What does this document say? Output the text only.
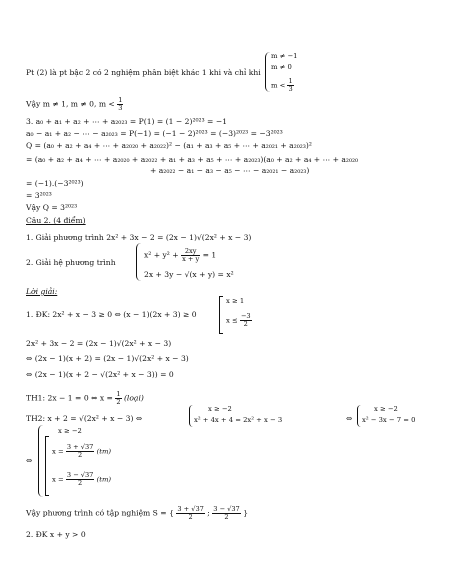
Pt (2) là pt bậc 2 có 2 nghiệm phân biệt khác 1 khi và chỉ khi
m ≠ −1
m ≠ 0
$m < \frac{1}{3}$
Vậy m ≠ 1, m ≠ 0, $m < \frac{1}{3}$
3. a₀ + a₁ + a₂ + ⋯ + a₂₀₂₃ = P(1) = (1 − 2)²⁰²³ = −1
a₀ − a₁ + a₂ − ⋯ − a₂₀₂₃ = P(−1) = (−1 − 2)²⁰²³ = (−3)²⁰²³ = −3²⁰²³
Q = (a₀ + a₂ + a₄ + ⋯ + a₂₀₂₀ + a₂₀₂₂)² − (a₁ + a₃ + a₅ + ⋯ + a₂₀₂₁ + a₂₀₂₃)²
= (a₀ + a₂ + a₄ + ⋯ + a₂₀₂₀ + a₂₀₂₂ + a₁ + a₃ + a₅ + ⋯ + a₂₀₂₃)(a₀ + a₂ + a₄ + ⋯ + a₂₀₂₀
+ a₂₀₂₂ − a₁ − a₃ − a₅ − ⋯ − a₂₀₂₁ − a₂₀₂₃)
= (−1).(−3²⁰²³)
= 3²⁰²³
Vậy Q = 3²⁰²³
Câu 2. (4 điểm)
1. Giải phương trình 2x² + 3x − 2 = (2x − 1)√(2x² + x − 3)
2. Giải hệ phương trình
$x^2 + y^2 + \frac{2xy}{x + y} = 1$
2x + 3y − √(x + y) = x²
Lời giải:
1. ĐK: 2x² + x − 3 ≥ 0 ⇔ (x − 1)(2x + 3) ≥ 0
x ≥ 1
$x \le \frac{-3}{2}$
2x² + 3x − 2 = (2x − 1)√(2x² + x − 3)
⇔ (2x − 1)(x + 2) = (2x − 1)√(2x² + x − 3)
⇔ (2x − 1)(x + 2 − √(2x² + x − 3)) = 0
TH1: 2x − 1 = 0 ⇔ $x = \frac{1}{2}$ (loại)
TH2: x + 2 = √(2x² + x − 3) ⇔
x ≥ −2
x² + 4x + 4 = 2x² + x − 3	⇔
x ≥ −2
x² − 3x − 7 = 0
⇔
x ≥ −2
$x = \frac{3 + √37}{2} (tm)$
$x = \frac{3 - √37}{2} (tm)$
Vậy phương trình có tập nghiệm S = { $\frac{3 + √37}{2}$ ; $\frac{3 - √37}{2}$ }
2. ĐK x + y > 0
